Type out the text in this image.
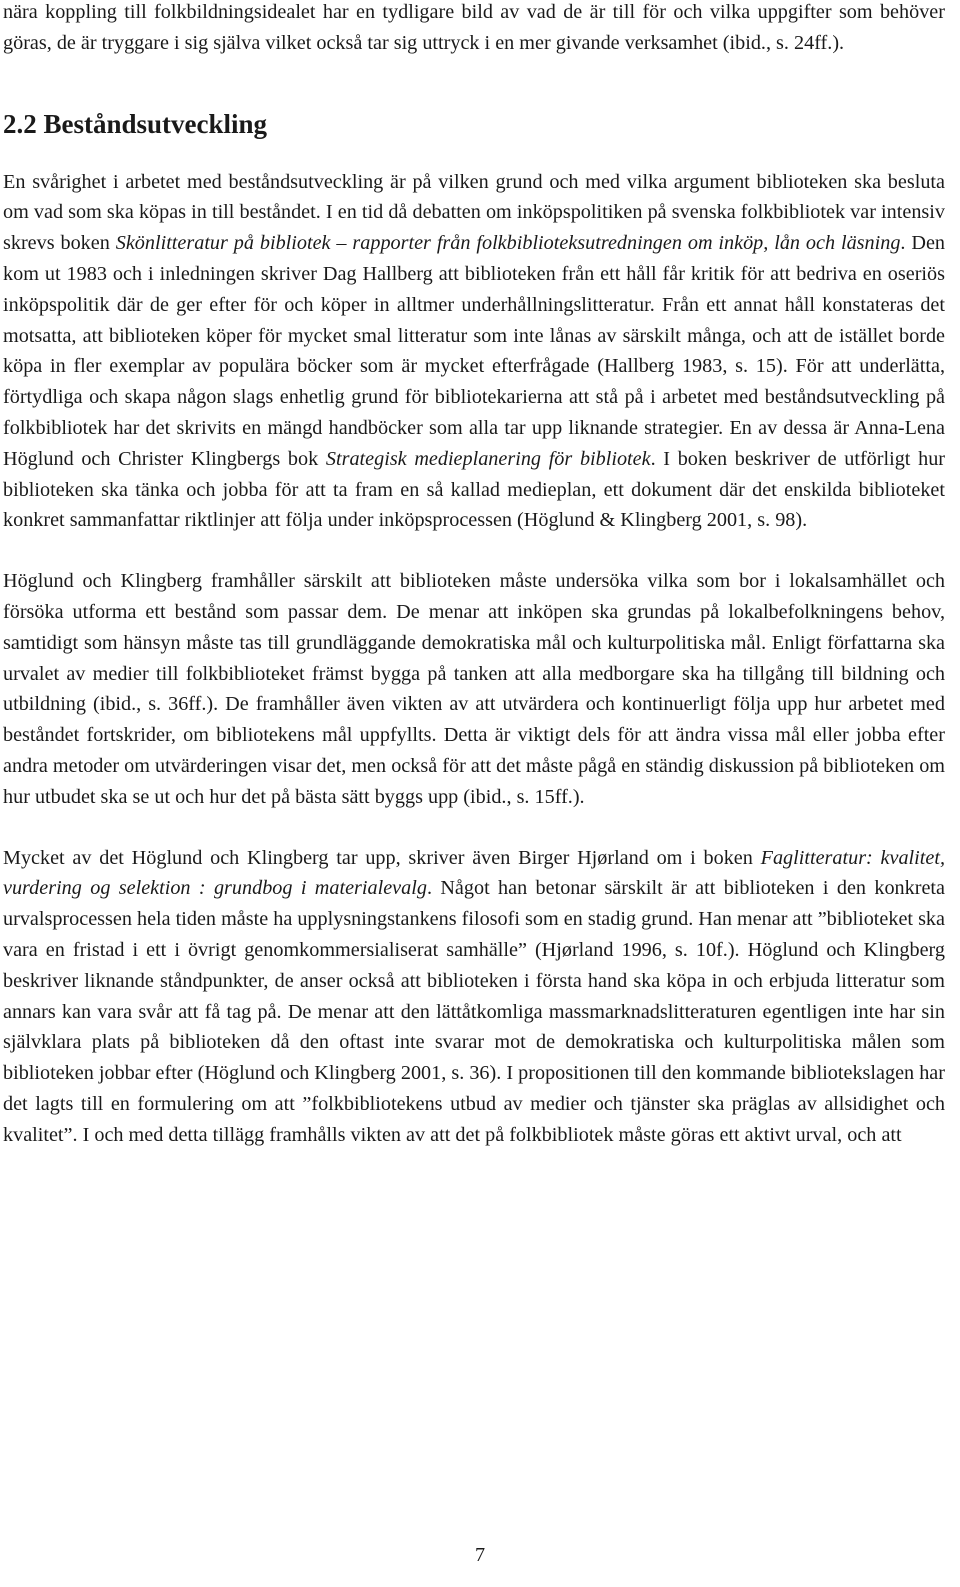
nära koppling till folkbildningsidealet har en tydligare bild av vad de är till för och vilka uppgifter som behöver göras, de är tryggare i sig själva vilket också tar sig uttryck i en mer givande verksamhet (ibid., s. 24ff.).

2.2 Beståndsutveckling

En svårighet i arbetet med beståndsutveckling är på vilken grund och med vilka argument biblioteken ska besluta om vad som ska köpas in till beståndet. I en tid då debatten om inköpspolitiken på svenska folkbibliotek var intensiv skrevs boken Skönlitteratur på bibliotek – rapporter från folkbiblioteksutredningen om inköp, lån och läsning. Den kom ut 1983 och i inledningen skriver Dag Hallberg att biblioteken från ett håll får kritik för att bedriva en oseriös inköpspolitik där de ger efter för och köper in alltmer underhållningslitteratur. Från ett annat håll konstateras det motsatta, att biblioteken köper för mycket smal litteratur som inte lånas av särskilt många, och att de istället borde köpa in fler exemplar av populära böcker som är mycket efterfrågade (Hallberg 1983, s. 15). För att underlätta, förtydliga och skapa någon slags enhetlig grund för bibliotekarierna att stå på i arbetet med beståndsutveckling på folkbibliotek har det skrivits en mängd handböcker som alla tar upp liknande strategier. En av dessa är Anna-Lena Höglund och Christer Klingbergs bok Strategisk medieplanering för bibliotek. I boken beskriver de utförligt hur biblioteken ska tänka och jobba för att ta fram en så kallad medieplan, ett dokument där det enskilda biblioteket konkret sammanfattar riktlinjer att följa under inköpsprocessen (Höglund & Klingberg 2001, s. 98).

Höglund och Klingberg framhåller särskilt att biblioteken måste undersöka vilka som bor i lokalsamhället och försöka utforma ett bestånd som passar dem. De menar att inköpen ska grundas på lokalbefolkningens behov, samtidigt som hänsyn måste tas till grundläggande demokratiska mål och kulturpolitiska mål. Enligt författarna ska urvalet av medier till folkbiblioteket främst bygga på tanken att alla medborgare ska ha tillgång till bildning och utbildning (ibid., s. 36ff.). De framhåller även vikten av att utvärdera och kontinuerligt följa upp hur arbetet med beståndet fortskrider, om bibliotekens mål uppfyllts. Detta är viktigt dels för att ändra vissa mål eller jobba efter andra metoder om utvärderingen visar det, men också för att det måste pågå en ständig diskussion på biblioteken om hur utbudet ska se ut och hur det på bästa sätt byggs upp (ibid., s. 15ff.).

Mycket av det Höglund och Klingberg tar upp, skriver även Birger Hjørland om i boken Faglitteratur: kvalitet, vurdering og selektion : grundbog i materialevalg. Något han betonar särskilt är att biblioteken i den konkreta urvalsprocessen hela tiden måste ha upplysningstankens filosofi som en stadig grund. Han menar att ”biblioteket ska vara en fristad i ett i övrigt genomkommersialiserat samhälle” (Hjørland 1996, s. 10f.). Höglund och Klingberg beskriver liknande ståndpunkter, de anser också att biblioteken i första hand ska köpa in och erbjuda litteratur som annars kan vara svår att få tag på. De menar att den lättåtkomliga massmarknadslitteraturen egentligen inte har sin självklara plats på biblioteken då den oftast inte svarar mot de demokratiska och kulturpolitiska målen som biblioteken jobbar efter (Höglund och Klingberg 2001, s. 36). I propositionen till den kommande bibliotekslagen har det lagts till en formulering om att ”folkbibliotekens utbud av medier och tjänster ska präglas av allsidighet och kvalitet”. I och med detta tillägg framhålls vikten av att det på folkbibliotek måste göras ett aktivt urval, och att

7
